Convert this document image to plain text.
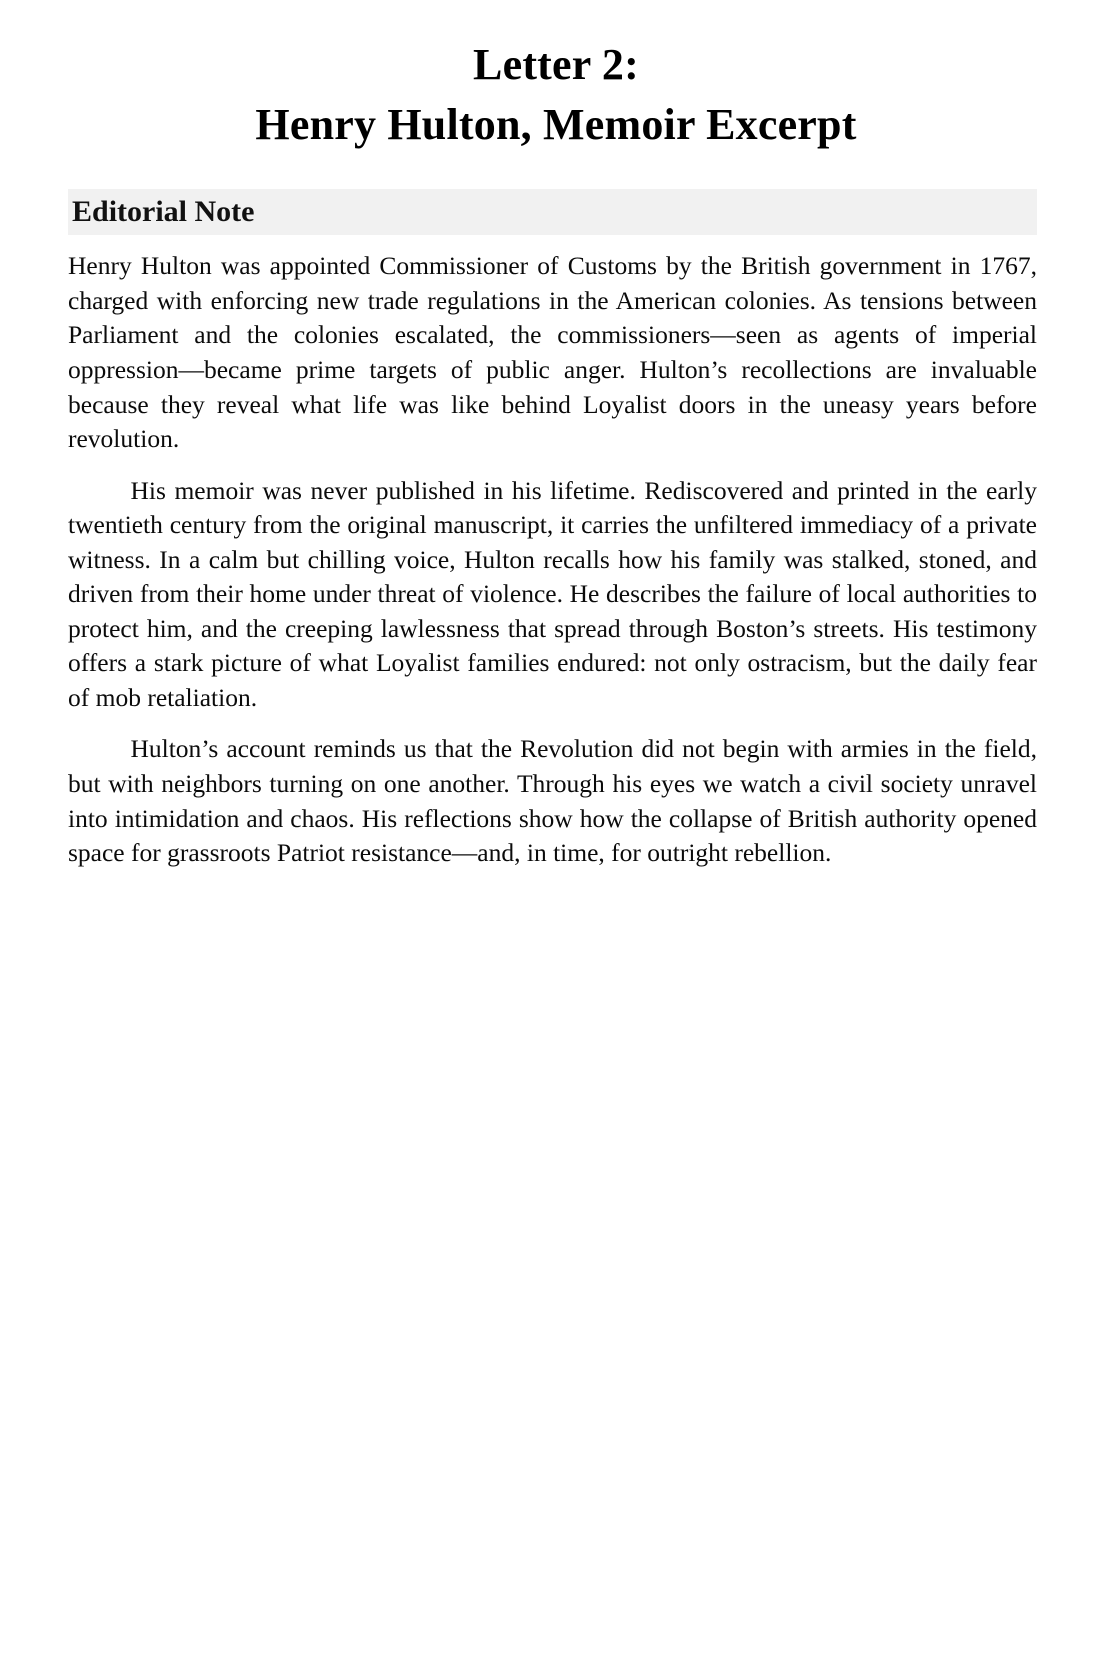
Letter 2:
Henry Hulton, Memoir Excerpt
Editorial Note

Henry Hulton was appointed Commissioner of Customs by the British government in 1767, charged with enforcing new trade regulations in the American colonies. As tensions between Parliament and the colonies escalated, the commissioners—seen as agents of imperial oppression—became prime targets of public anger. Hulton’s recollections are invaluable because they reveal what life was like behind Loyalist doors in the uneasy years before revolution.

His memoir was never published in his lifetime. Rediscovered and printed in the early twentieth century from the original manuscript, it carries the unfiltered immediacy of a private witness. In a calm but chilling voice, Hulton recalls how his family was stalked, stoned, and driven from their home under threat of violence. He describes the failure of local authorities to protect him, and the creeping lawlessness that spread through Boston’s streets. His testimony offers a stark picture of what Loyalist families endured: not only ostracism, but the daily fear of mob retaliation.

Hulton’s account reminds us that the Revolution did not begin with armies in the field, but with neighbors turning on one another. Through his eyes we watch a civil society unravel into intimidation and chaos. His reflections show how the collapse of British authority opened space for grassroots Patriot resistance—and, in time, for outright rebellion.
